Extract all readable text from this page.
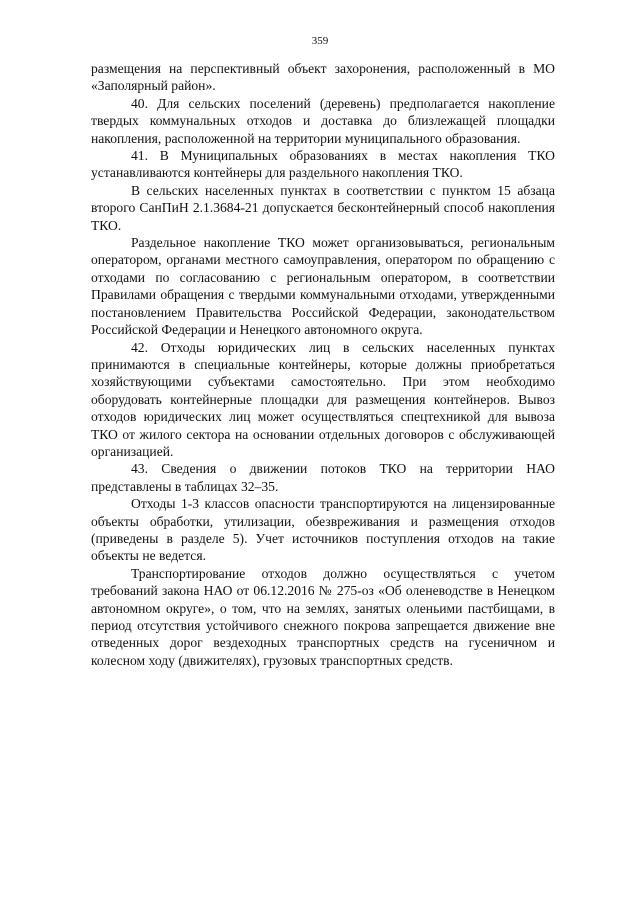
359

размещения на перспективный объект захоронения, расположенный в МО «Заполярный район».

40. Для сельских поселений (деревень) предполагается накопление твердых коммунальных отходов и доставка до близлежащей площадки накопления, расположенной на территории муниципального образования.

41. В Муниципальных образованиях в местах накопления ТКО устанавливаются контейнеры для раздельного накопления ТКО.

В сельских населенных пунктах в соответствии с пунктом 15 абзаца второго СанПиН 2.1.3684-21 допускается бесконтейнерный способ накопления ТКО.

Раздельное накопление ТКО может организовываться, региональным оператором, органами местного самоуправления, оператором по обращению с отходами по согласованию с региональным оператором, в соответствии Правилами обращения с твердыми коммунальными отходами, утвержденными постановлением Правительства Российской Федерации, законодательством Российской Федерации и Ненецкого автономного округа.

42. Отходы юридических лиц в сельских населенных пунктах принимаются в специальные контейнеры, которые должны приобретаться хозяйствующими субъектами самостоятельно. При этом необходимо оборудовать контейнерные площадки для размещения контейнеров. Вывоз отходов юридических лиц может осуществляться спецтехникой для вывоза ТКО от жилого сектора на основании отдельных договоров с обслуживающей организацией.

43. Сведения о движении потоков ТКО на территории НАО представлены в таблицах 32–35.

Отходы 1-3 классов опасности транспортируются на лицензированные объекты обработки, утилизации, обезвреживания и размещения отходов (приведены в разделе 5). Учет источников поступления отходов на такие объекты не ведется.

Транспортирование отходов должно осуществляться с учетом требований закона НАО от 06.12.2016 № 275-оз «Об оленеводстве в Ненецком автономном округе», о том, что на землях, занятых оленьими пастбищами, в период отсутствия устойчивого снежного покрова запрещается движение вне отведенных дорог вездеходных транспортных средств на гусеничном и колесном ходу (движителях), грузовых транспортных средств.
